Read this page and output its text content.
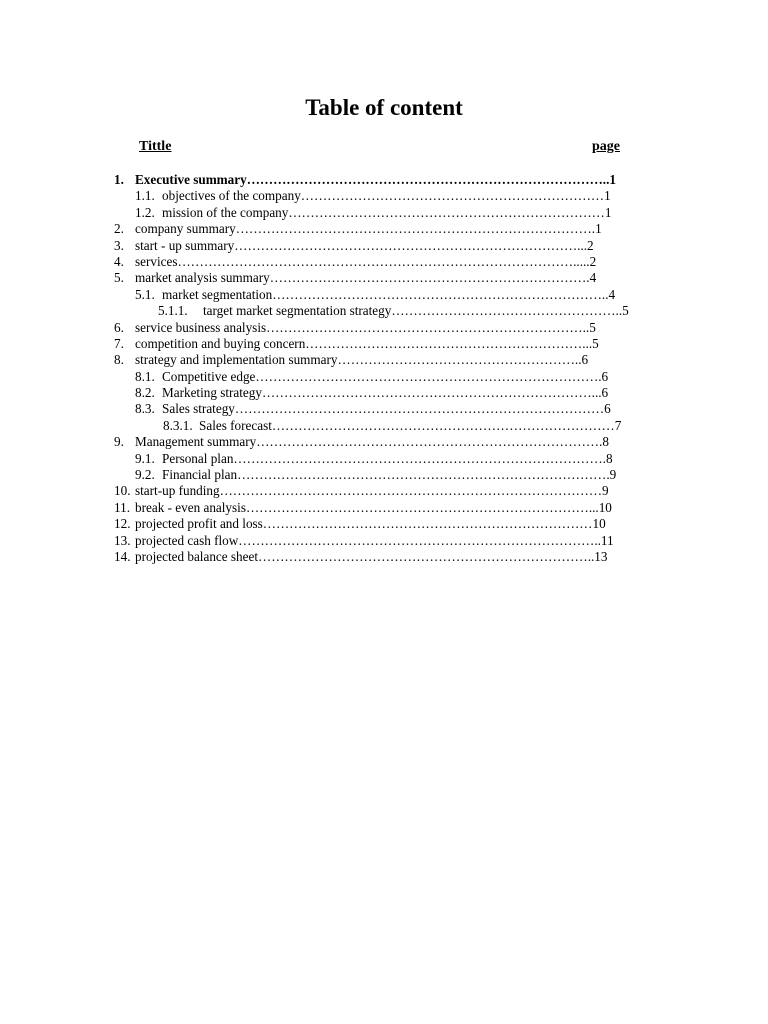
Table of content
Tittle	page
1. Executive summary………………………………………………………………………..1
1.1. objectives of the company……………………………………………………………1
1.2. mission of the company………………………………………………………………1
2. company summary……………………………………………………………………….1
3. start - up summary……………………………………………………………………...2
4. services……………………………………………………………………………….....2
5. market analysis summary……………………………………………………………….4
5.1. market segmentation…………………………………………………………………..4
5.1.1. target market segmentation strategy……………………………………………..5
6. service business analysis………………………………………………………………..5
7. competition and buying concern………………………………………………………...5
8. strategy and implementation summary………………………………………………..6
8.1. Competitive edge…………………………………………………………………….6
8.2. Marketing strategy…………………………………………………………………...6
8.3. Sales strategy…………………………………………………………………………6
8.3.1. Sales forecast……………………………………………………………………7
9. Management summary…………………………………………………………………….8
9.1. Personal plan………………………………………………………………………….8
9.2. Financial plan………………………………………………………………………….9
10. start-up funding……………………………………………………………………………9
11. break - even analysis……………………………………………………………………...10
12. projected profit and loss…………………………………………………………………10
13. projected cash flow………………………………………………………………………..11
14. projected balance sheet…………………………………………………………………..13
